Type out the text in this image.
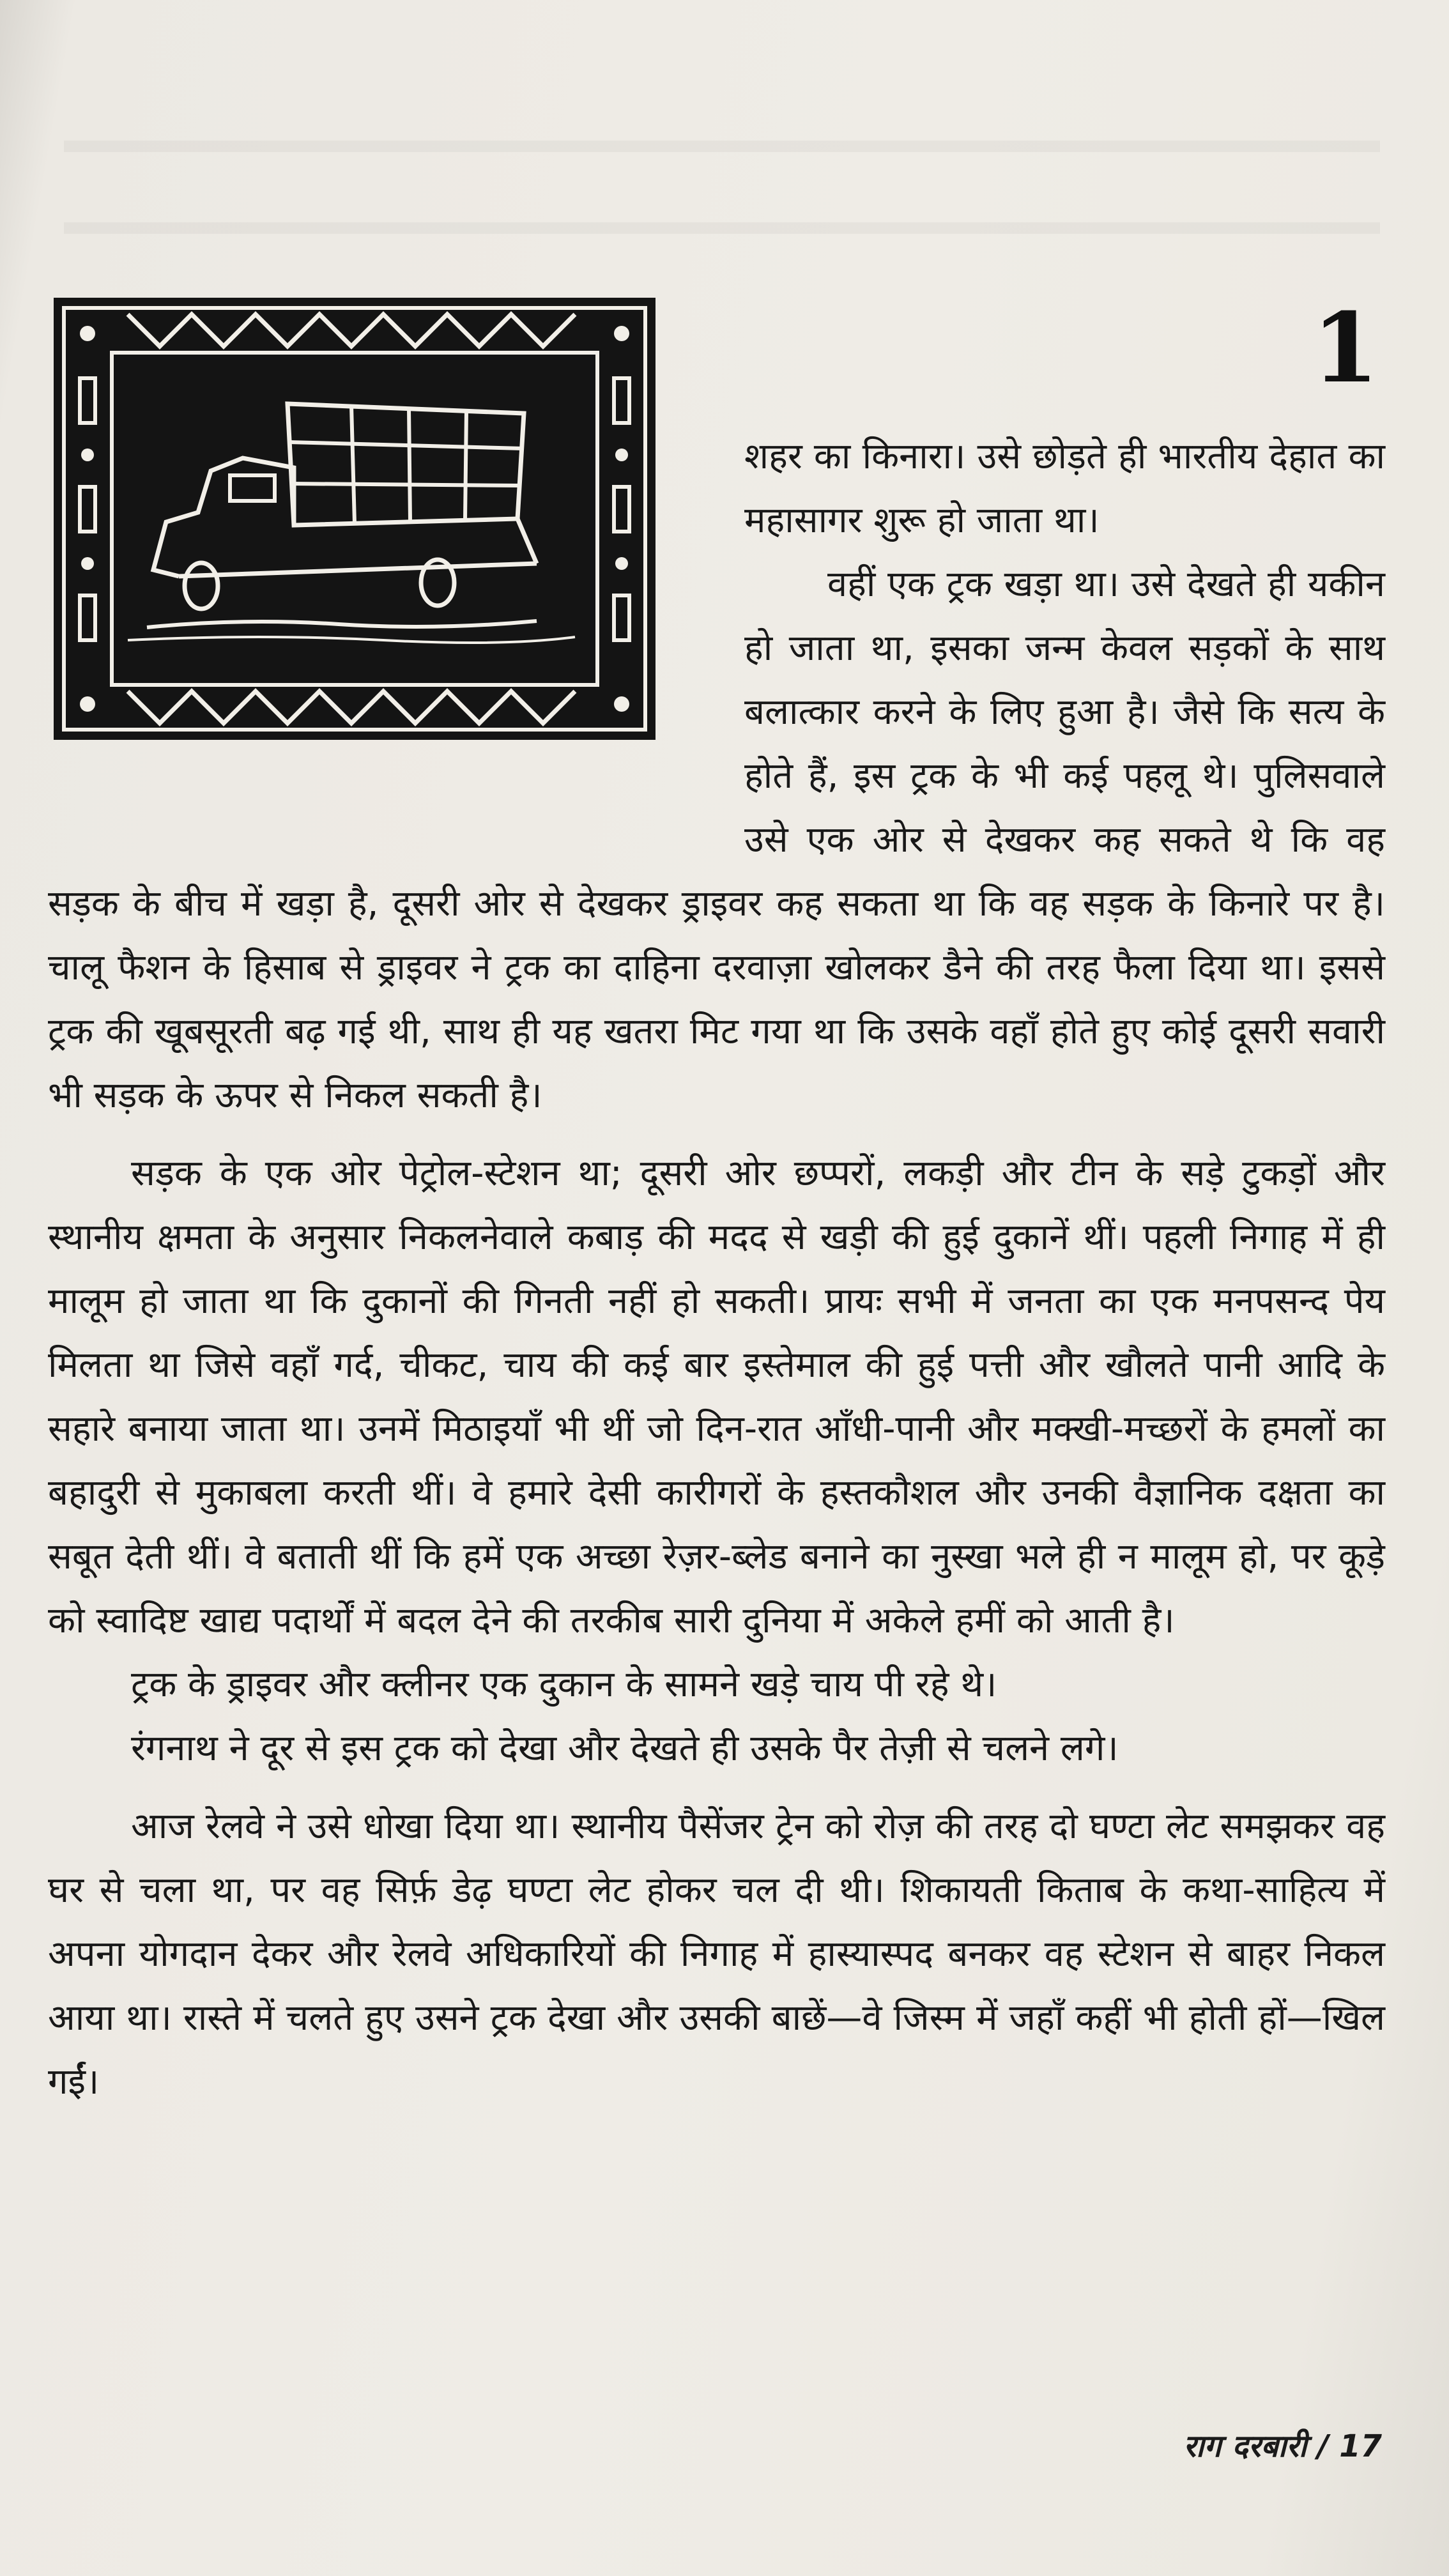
1

शहर का किनारा। उसे छोड़ते ही भारतीय देहात का महासागर शुरू हो जाता था।

वहीं एक ट्रक खड़ा था। उसे देखते ही यकीन हो जाता था, इसका जन्म केवल सड़कों के साथ बलात्कार करने के लिए हुआ है। जैसे कि सत्य के होते हैं, इस ट्रक के भी कई पहलू थे। पुलिसवाले उसे एक ओर से देखकर कह सकते थे कि वह सड़क के बीच में खड़ा है, दूसरी ओर से देखकर ड्राइवर कह सकता था कि वह सड़क के किनारे पर है। चालू फैशन के हिसाब से ड्राइवर ने ट्रक का दाहिना दरवाज़ा खोलकर डैने की तरह फैला दिया था। इससे ट्रक की खूबसूरती बढ़ गई थी, साथ ही यह खतरा मिट गया था कि उसके वहाँ होते हुए कोई दूसरी सवारी भी सड़क के ऊपर से निकल सकती है।

सड़क के एक ओर पेट्रोल-स्टेशन था; दूसरी ओर छप्परों, लकड़ी और टीन के सड़े टुकड़ों और स्थानीय क्षमता के अनुसार निकलनेवाले कबाड़ की मदद से खड़ी की हुई दुकानें थीं। पहली निगाह में ही मालूम हो जाता था कि दुकानों की गिनती नहीं हो सकती। प्रायः सभी में जनता का एक मनपसन्द पेय मिलता था जिसे वहाँ गर्द, चीकट, चाय की कई बार इस्तेमाल की हुई पत्ती और खौलते पानी आदि के सहारे बनाया जाता था। उनमें मिठाइयाँ भी थीं जो दिन-रात आँधी-पानी और मक्खी-मच्छरों के हमलों का बहादुरी से मुकाबला करती थीं। वे हमारे देसी कारीगरों के हस्तकौशल और उनकी वैज्ञानिक दक्षता का सबूत देती थीं। वे बताती थीं कि हमें एक अच्छा रेज़र-ब्लेड बनाने का नुस्खा भले ही न मालूम हो, पर कूड़े को स्वादिष्ट खाद्य पदार्थों में बदल देने की तरकीब सारी दुनिया में अकेले हमीं को आती है।

ट्रक के ड्राइवर और क्लीनर एक दुकान के सामने खड़े चाय पी रहे थे।

रंगनाथ ने दूर से इस ट्रक को देखा और देखते ही उसके पैर तेज़ी से चलने लगे।

आज रेलवे ने उसे धोखा दिया था। स्थानीय पैसेंजर ट्रेन को रोज़ की तरह दो घण्टा लेट समझकर वह घर से चला था, पर वह सिर्फ़ डेढ़ घण्टा लेट होकर चल दी थी। शिकायती किताब के कथा-साहित्य में अपना योगदान देकर और रेलवे अधिकारियों की निगाह में हास्यास्पद बनकर वह स्टेशन से बाहर निकल आया था। रास्ते में चलते हुए उसने ट्रक देखा और उसकी बाछें—वे जिस्म में जहाँ कहीं भी होती हों—खिल गईं।

राग दरबारी / 17
